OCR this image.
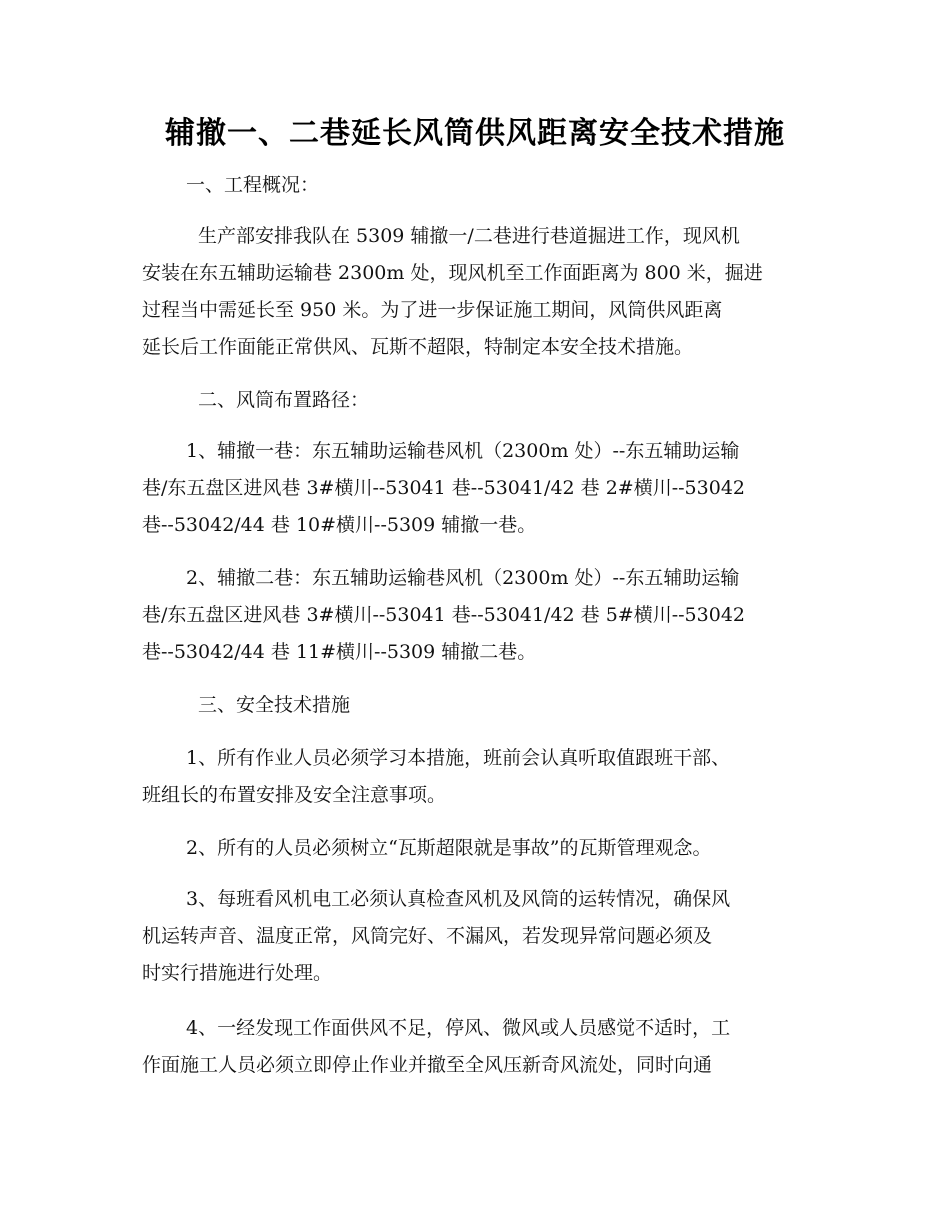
辅撤一、二巷延长风筒供风距离安全技术措施
一、工程概况：
生产部安排我队在 5309 辅撤一/二巷进行巷道掘进工作，现风机
安装在东五辅助运输巷 2300m 处，现风机至工作面距离为 800 米，掘进
过程当中需延长至 950 米。为了进一步保证施工期间，风筒供风距离
延长后工作面能正常供风、瓦斯不超限，特制定本安全技术措施。
二、风筒布置路径：
1、辅撤一巷：东五辅助运输巷风机（2300m 处）--东五辅助运输
巷/东五盘区进风巷 3#横川--53041 巷--53041/42 巷 2#横川--53042
巷--53042/44 巷 10#横川--5309 辅撤一巷。
2、辅撤二巷：东五辅助运输巷风机（2300m 处）--东五辅助运输
巷/东五盘区进风巷 3#横川--53041 巷--53041/42 巷 5#横川--53042
巷--53042/44 巷 11#横川--5309 辅撤二巷。
三、安全技术措施
1、所有作业人员必须学习本措施，班前会认真听取值跟班干部、
班组长的布置安排及安全注意事项。
2、所有的人员必须树立“瓦斯超限就是事故”的瓦斯管理观念。
3、每班看风机电工必须认真检查风机及风筒的运转情况，确保风
机运转声音、温度正常，风筒完好、不漏风，若发现异常问题必须及
时实行措施进行处理。
4、一经发现工作面供风不足，停风、微风或人员感觉不适时，工
作面施工人员必须立即停止作业并撤至全风压新奇风流处，同时向通
